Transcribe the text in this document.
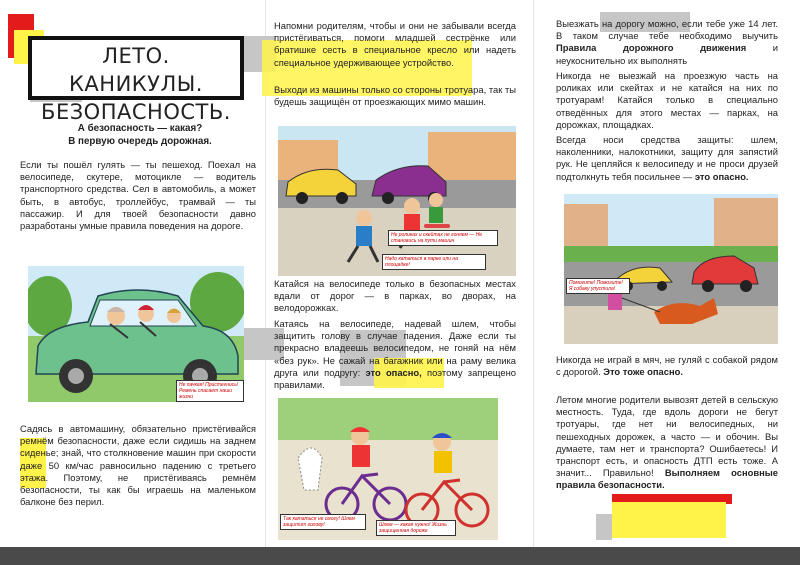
ЛЕТО. КАНИКУЛЫ.
БЕЗОПАСНОСТЬ.
А безопасность — какая?
В первую очередь дорожная.
Если ты пошёл гулять — ты пешеход. Поехал на велосипеде, скутере, мотоцикле — водитель транспортного средства. Сел в автомобиль, а может быть, в автобус, троллейбус, трамвай — ты пассажир. И для твоей безопасности давно разработаны умные правила поведения на дороге.
Не пачкая! Пристегнись! Ремень спасает наши жизни
Садясь в автомашину, обязательно пристёгивайся ремнём безопасности, даже если сидишь на заднем сиденье; знай, что столкновение машин при скорости даже 50 км/час равносильно падению с третьего этажа. Поэтому, не пристёгиваясь ремнём безопасности, ты как бы играешь на маленьком балконе без перил.
Напомни родителям, чтобы и они не забывали всегда пристёгиваться, помоги младшей сестрёнке или братишке сесть в специальное кресло или надеть специальное удерживающее устройство.
Выходи из машины только со стороны тротуара, так ты будешь защищён от проезжающих мимо машин.
Не роликах и скейтах не гоняем — Не становись на пути машин
Надо кататься в парке или на площадке!
Катайся на велосипеде только в безопасных местах вдали от дорог — в парках, во дворах, на велодорожках.
Катаясь на велосипеде, надевай шлем, чтобы защитить голову в случае падения. Даже если ты прекрасно владеешь велосипедом, не гоняй на нём «без рук». Не сажай на багажник или на раму велика друга или подругу: это опасно, поэтому запрещено правилами.
Так кататься не смогу! Шлем защитит голову!	Шлем — какая нужно! Жизнь защищенная дороже
Выезжать на дорогу можно, если тебе уже 14 лет. В таком случае тебе необходимо выучить Правила дорожного движения и неукоснительно их выполнять
Никогда не выезжай на проезжую часть на роликах или скейтах и не катайся на них по тротуарам! Катайся только в специально отведённых для этого местах — парках, на дорожках, площадках.
Всегда носи средства защиты: шлем, наколенники, налокотники, защиту для запястий рук. Не цепляйся к велосипеду и не проси друзей подтолкнуть тебя посильнее — это опасно.
Помогите! Помогите! Я собаку упустила!
Никогда не играй в мяч, не гуляй с собакой рядом с дорогой. Это тоже опасно.
Летом многие родители вывозят детей в сельскую местность. Туда, где вдоль дороги не бегут тротуары, где нет ни велосипедных, ни пешеходных дорожек, а часто — и обочин. Вы думаете, там нет и транспорта? Ошибаетесь! И транспорт есть, и опасность ДТП есть тоже. А значит... Правильно! Выполняем основные правила безопасности.
